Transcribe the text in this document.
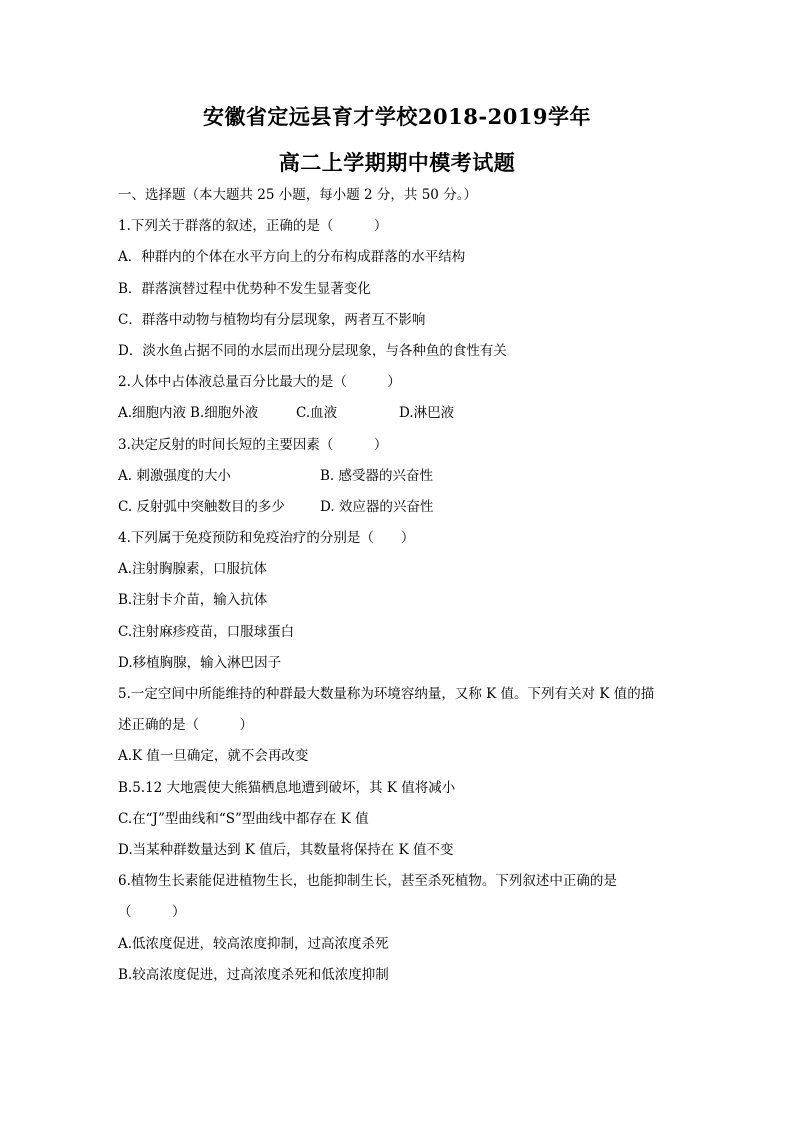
安徽省定远县育才学校2018-2019学年
高二上学期期中模考试题

一、选择题（本大题共 25 小题，每小题 2 分，共 50 分。）

1.下列关于群落的叙述，正确的是（　　　）

A．种群内的个体在水平方向上的分布构成群落的水平结构

B．群落演替过程中优势种不发生显著变化

C．群落中动物与植物均有分层现象，两者互不影响

D．淡水鱼占据不同的水层而出现分层现象，与各种鱼的食性有关

2.人体中占体液总量百分比最大的是（　　　）

A.细胞内液 B.细胞外液	C.血液	D.淋巴液

3.决定反射的时间长短的主要因素（　　　）

A. 刺激强度的大小	B. 感受器的兴奋性
C. 反射弧中突触数目的多少	D. 效应器的兴奋性

4.下列属于免疫预防和免疫治疗的分别是（　　）

A.注射胸腺素，口服抗体

B.注射卡介苗，输入抗体

C.注射麻疹疫苗，口服球蛋白

D.移植胸腺，输入淋巴因子

5.一定空间中所能维持的种群最大数量称为环境容纳量，又称 K 值。下列有关对 K 值的描

述正确的是（　　　）

A.K 值一旦确定，就不会再改变

B.5.12 大地震使大熊猫栖息地遭到破坏，其 K 值将减小

C.在“J”型曲线和“S”型曲线中都存在 K 值

D.当某种群数量达到 K 值后，其数量将保持在 K 值不变

6.植物生长素能促进植物生长，也能抑制生长，甚至杀死植物。下列叙述中正确的是

（　　　）

A.低浓度促进，较高浓度抑制，过高浓度杀死

B.较高浓度促进，过高浓度杀死和低浓度抑制
